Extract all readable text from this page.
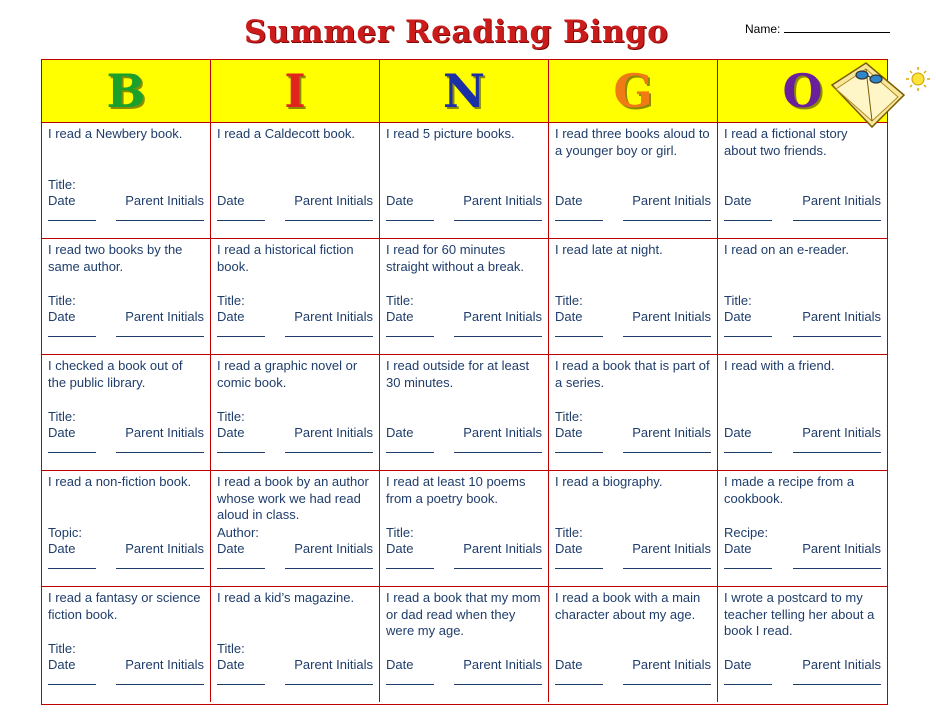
Summer Reading Bingo	Name:
B	I	N	G	O
I read a Newbery book.
Title:
Date	Parent Initials
I read a Caldecott book.
Date	Parent Initials
I read 5 picture books.
Date	Parent Initials
I read three books aloud to a younger boy or girl.
Date	Parent Initials
I read a fictional story about two friends.
Date	Parent Initials
I read two books by the same author.
Title:
Date	Parent Initials
I read a historical fiction book.
Title:
Date	Parent Initials
I read for 60 minutes straight without a break.
Title:
Date	Parent Initials
I read late at night.
Title:
Date	Parent Initials
I read on an e-reader.
Title:
Date	Parent Initials
I checked a book out of the public library.
Title:
Date	Parent Initials
I read a graphic novel or comic book.
Title:
Date	Parent Initials
I read outside for at least 30 minutes.
Date	Parent Initials
I read a book that is part of a series.
Title:
Date	Parent Initials
I read with a friend.
Date	Parent Initials
I read a non-fiction book.
Topic:
Date	Parent Initials
I read a book by an author whose work we had read aloud in class.
Author:
Date	Parent Initials
I read at least 10 poems from a poetry book.
Title:
Date	Parent Initials
I read a biography.
Title:
Date	Parent Initials
I made a recipe from a cookbook.
Recipe:
Date	Parent Initials
I read a fantasy or science fiction book.
Title:
Date	Parent Initials
I read a kid’s magazine.
Title:
Date	Parent Initials
I read a book that my mom or dad read when they were my age.
Date	Parent Initials
I read a book with a main character about my age.
Date	Parent Initials
I wrote a postcard to my teacher telling her about a book I read.
Date	Parent Initials
